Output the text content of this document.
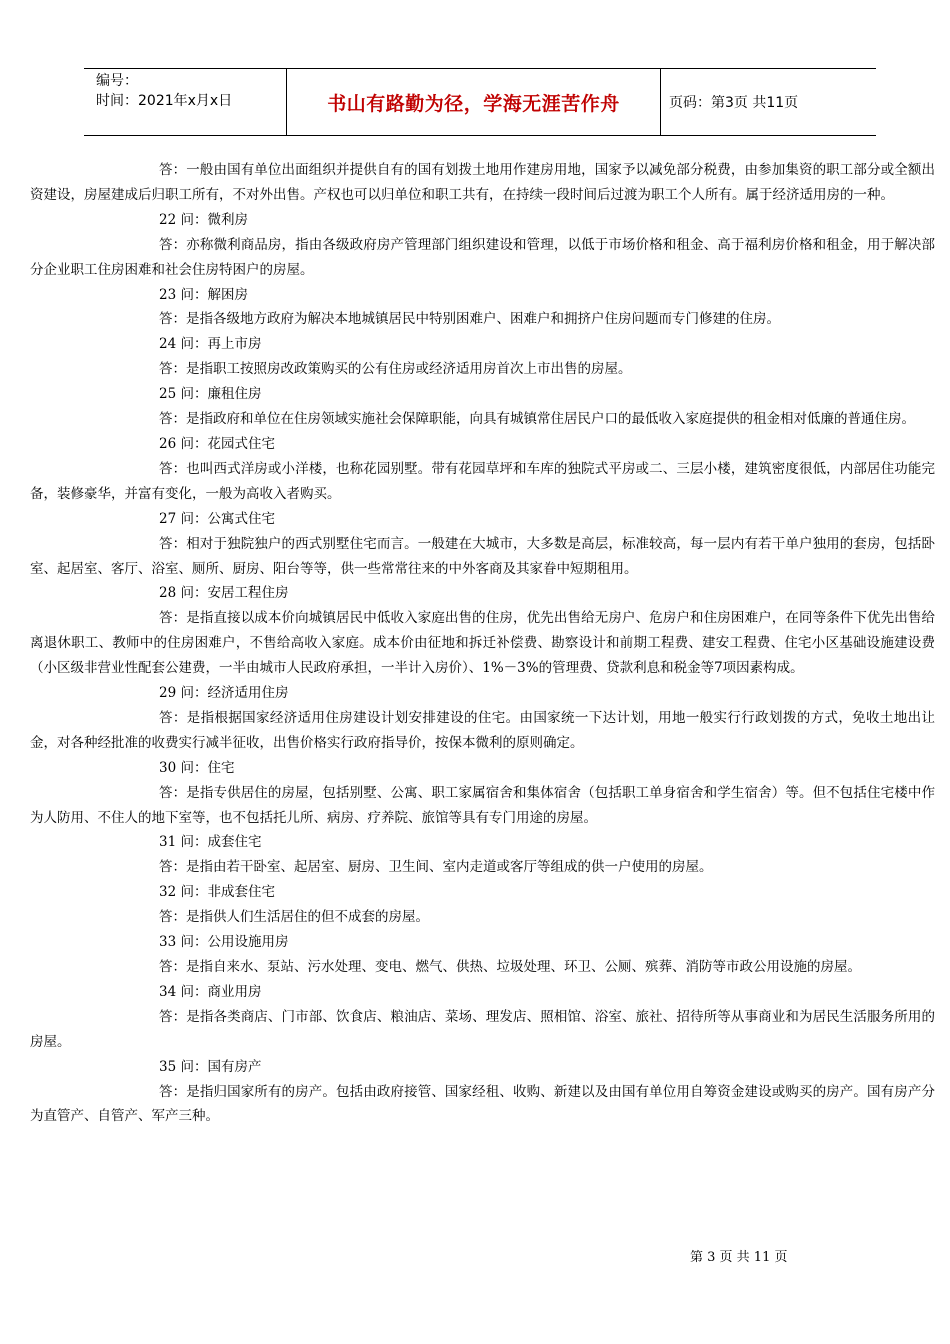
编号：
时间：2021年x月x日	书山有路勤为径，学海无涯苦作舟	页码：第3页 共11页

答：一般由国有单位出面组织并提供自有的国有划拨土地用作建房用地，国家予以减免部分税费，由参加集资的职工部分或全额出资建设，房屋建成后归职工所有，不对外出售。产权也可以归单位和职工共有，在持续一段时间后过渡为职工个人所有。属于经济适用房的一种。

22 问：微利房

答：亦称微利商品房，指由各级政府房产管理部门组织建设和管理，以低于市场价格和租金、高于福利房价格和租金，用于解决部分企业职工住房困难和社会住房特困户的房屋。

23 问：解困房

答：是指各级地方政府为解决本地城镇居民中特别困难户、困难户和拥挤户住房问题而专门修建的住房。

24 问：再上市房

答：是指职工按照房改政策购买的公有住房或经济适用房首次上市出售的房屋。

25 问：廉租住房

答：是指政府和单位在住房领域实施社会保障职能，向具有城镇常住居民户口的最低收入家庭提供的租金相对低廉的普通住房。

26 问：花园式住宅

答：也叫西式洋房或小洋楼，也称花园别墅。带有花园草坪和车库的独院式平房或二、三层小楼，建筑密度很低，内部居住功能完备，装修豪华，并富有变化，一般为高收入者购买。

27 问：公寓式住宅

答：相对于独院独户的西式别墅住宅而言。一般建在大城市，大多数是高层，标准较高，每一层内有若干单户独用的套房，包括卧室、起居室、客厅、浴室、厕所、厨房、阳台等等，供一些常常往来的中外客商及其家眷中短期租用。

28 问：安居工程住房

答：是指直接以成本价向城镇居民中低收入家庭出售的住房，优先出售给无房户、危房户和住房困难户，在同等条件下优先出售给离退休职工、教师中的住房困难户，不售给高收入家庭。成本价由征地和拆迁补偿费、勘察设计和前期工程费、建安工程费、住宅小区基础设施建设费（小区级非营业性配套公建费，一半由城市人民政府承担，一半计入房价）、1%－3%的管理费、贷款利息和税金等7项因素构成。

29 问：经济适用住房

答：是指根据国家经济适用住房建设计划安排建设的住宅。由国家统一下达计划，用地一般实行行政划拨的方式，免收土地出让金，对各种经批准的收费实行减半征收，出售价格实行政府指导价，按保本微利的原则确定。

30 问：住宅

答：是指专供居住的房屋，包括别墅、公寓、职工家属宿舍和集体宿舍（包括职工单身宿舍和学生宿舍）等。但不包括住宅楼中作为人防用、不住人的地下室等，也不包括托儿所、病房、疗养院、旅馆等具有专门用途的房屋。

31 问：成套住宅

答：是指由若干卧室、起居室、厨房、卫生间、室内走道或客厅等组成的供一户使用的房屋。

32 问：非成套住宅

答：是指供人们生活居住的但不成套的房屋。

33 问：公用设施用房

答：是指自来水、泵站、污水处理、变电、燃气、供热、垃圾处理、环卫、公厕、殡葬、消防等市政公用设施的房屋。

34 问：商业用房

答：是指各类商店、门市部、饮食店、粮油店、菜场、理发店、照相馆、浴室、旅社、招待所等从事商业和为居民生活服务所用的房屋。

35 问：国有房产

答：是指归国家所有的房产。包括由政府接管、国家经租、收购、新建以及由国有单位用自筹资金建设或购买的房产。国有房产分为直管产、自管产、军产三种。

第 3 页 共 11 页
